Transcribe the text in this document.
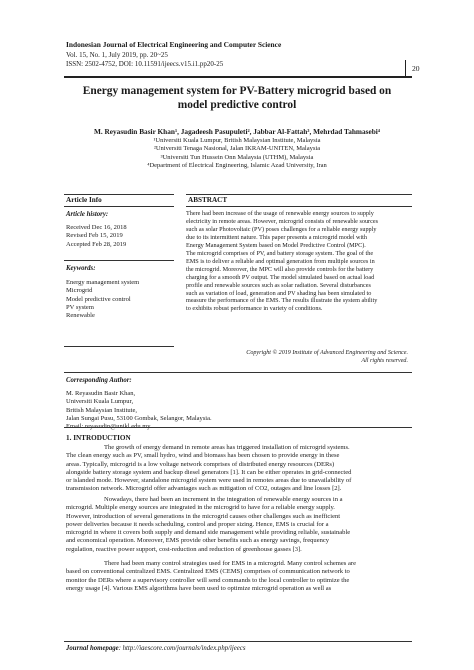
Indonesian Journal of Electrical Engineering and Computer Science
Vol. 15, No. 1, July 2019, pp. 20~25
ISSN: 2502-4752, DOI: 10.11591/ijeecs.v15.i1.pp20-25	20
Energy management system for PV-Battery microgrid based on
model predictive control
M. Reyasudin Basir Khan¹, Jagadeesh Pasupuleti², Jabbar Al-Fattah³, Mehrdad Tahmasebi⁴
¹Universiti Kuala Lumpur, British Malaysian Institute, Malaysia
²Universiti Tenaga Nasional, Jalan IKRAM-UNITEN, Malaysia
³Universiti Tun Hussein Onn Malaysia (UTHM), Malaysia
⁴Department of Electrical Engineering, Islamic Azad University, Iran
Article Info	ABSTRACT
Article history:
Received Dec 16, 2018
Revised Feb 15, 2019
Accepted Feb 28, 2019
Keywords:
Energy management system
Microgrid
Model predictive control
PV system
Renewable
There had been increase of the usage of renewable energy sources to supply
electricity in remote areas. However, microgrid consists of renewable sources
such as solar Photovoltaic (PV) poses challenges for a reliable energy supply
due to its intermittent nature. This paper presents a microgrid model with
Energy Management System based on Model Predictive Control (MPC).
The microgrid comprises of PV, and battery storage system. The goal of the
EMS is to deliver a reliable and optimal generation from multiple sources in
the microgrid. Moreover, the MPC will also provide controls for the battery
charging for a smooth PV output. The model simulated based on actual load
profile and renewable sources such as solar radiation. Several disturbances
such as variation of load, generation and PV shading has been simulated to
measure the performance of the EMS. The results illustrate the system ability
to exhibits robust performance in variety of conditions.
Copyright © 2019 Institute of Advanced Engineering and Science.
All rights reserved.
Corresponding Author:
M. Reyasudin Basir Khan,
Universiti Kuala Lumpur,
British Malaysian Institute,
Jalan Sungai Pusu, 53100 Gombak, Selangor, Malaysia.
1. INTRODUCTION
The growth of energy demand in remote areas has triggered installation of microgrid systems.
The clean energy such as PV, small hydro, wind and biomass has been chosen to provide energy in these
areas. Typically, microgrid is a low voltage network comprises of distributed energy resources (DERs)
alongside battery storage system and backup diesel generators [1]. It can be either operates in grid-connected
or islanded mode. However, standalone microgrid system were used in remotes areas due to unavailability of
transmission network. Microgrid offer advantages such as mitigation of CO2, outages and line losses [2].
Nowadays, there had been an increment in the integration of renewable energy sources in a
microgrid. Multiple energy sources are integrated in the microgrid to have for a reliable energy supply.
However, introduction of several generations in the microgrid causes other challenges such as inefficient
power deliveries because it needs scheduling, control and proper sizing. Hence, EMS is crucial for a
microgrid in where it covers both supply and demand side management while providing reliable, sustainable
and economical operation. Moreover, EMS provide other benefits such as energy savings, frequency
regulation, reactive power support, cost-reduction and reduction of greenhouse gasses [3].
There had been many control strategies used for EMS in a microgrid. Many control schemes are
based on conventional centralized EMS. Centralized EMS (CEMS) comprises of communication network to
monitor the DERs where a supervisory controller will send commands to the local controller to optimize the
energy usage [4]. Various EMS algorithms have been used to optimize microgrid operation as well as
Journal homepage: http://iaescore.com/journals/index.php/ijeecs
